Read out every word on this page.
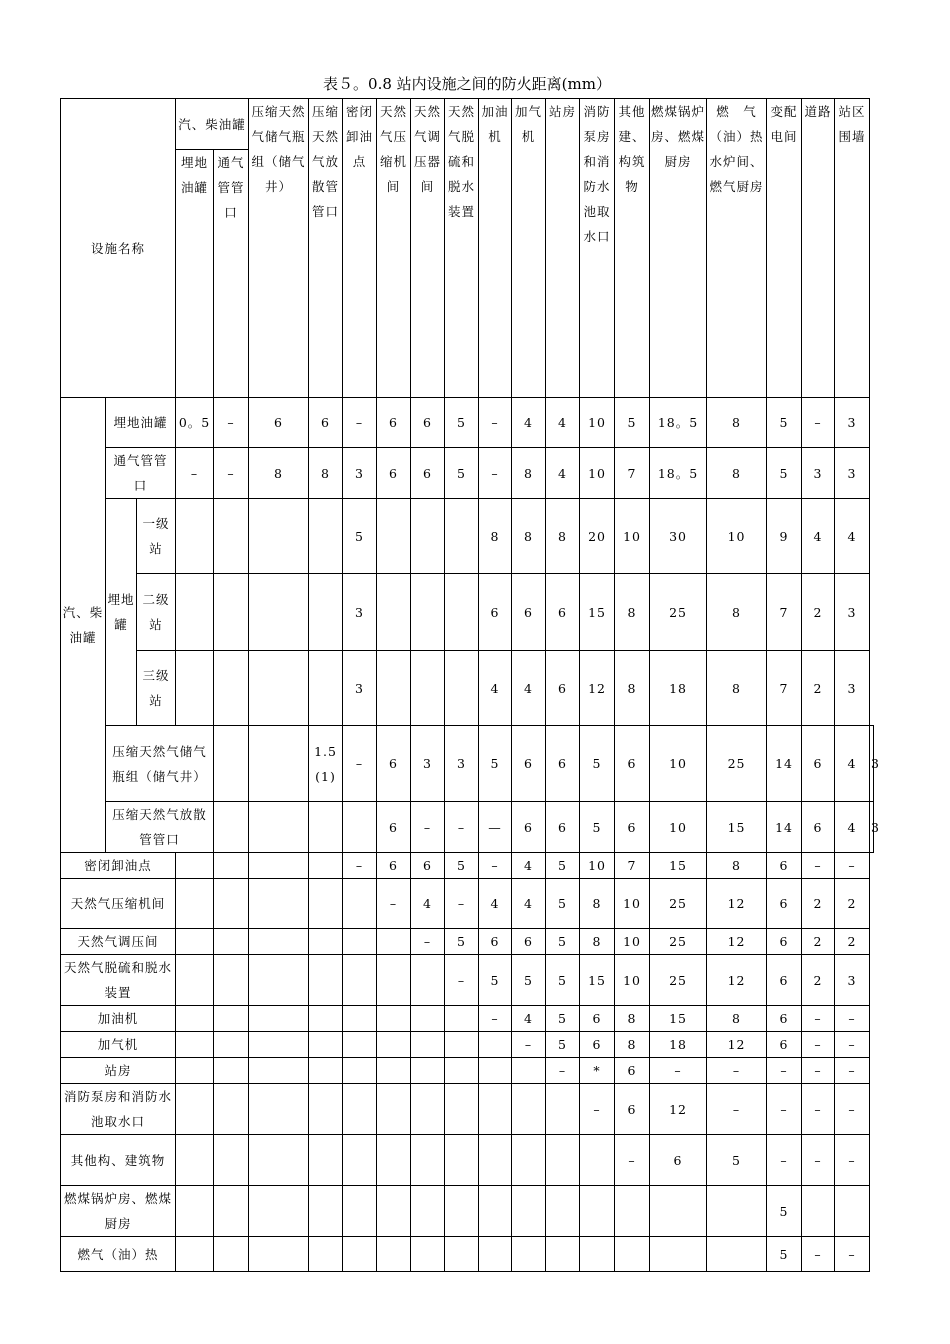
表５。0.8 站内设施之间的防火距离(mm）
设施名称			汽、柴油罐		压缩天然气储气瓶组（储气井）	压缩天然气放散管管口	密闭卸油点	天然气压缩机间	天然气调压器间	天然气脱硫和脱水装置	加油机	加气机	站房	消防泵房和消防水池取水口	其他建、构筑物	燃煤锅炉房、燃煤厨房	燃　气（油）热水炉间、燃气厨房	变配电间	道路	站区围墙	
			埋地油罐	通气管管口																	
汽、柴油罐	埋地油罐		0。5	–	6	6	–	6	6	5	–	4	4	10	5	18。5	8	5	–	3	
	通气管管口		–	–	8	8	3	6	6	5	–	8	4	10	7	18。5	8	5	3	3	
	埋地罐	一级站					5				8	8	8	20	10	30	10	9	4	4	
		二级站					3				6	6	6	15	8	25	8	7	2	3	
		三级站					3				4	4	6	12	8	18	8	7	2	3	
	压缩天然气储气瓶组（储气井）					1.5(1)	–	6	3	3	5	6	6	5	6	10	25	14	6	4	3
	压缩天然气放散管管口							6	–	–	—	6	6	5	6	10	15	14	6	4	3
密闭卸油点							–	6	6	5	–	4	5	10	7	15	8	6	–	–	
天然气压缩机间								–	4	–	4	4	5	8	10	25	12	6	2	2	
天然气调压间									–	5	6	6	5	8	10	25	12	6	2	2	
天然气脱硫和脱水装置										–	5	5	5	15	10	25	12	6	2	3	
加油机											–	4	5	6	8	15	8	6	–	–	
加气机												–	5	6	8	18	12	6	–	–	
站房													–	*	6	–	–	–	–	–	
消防泵房和消防水池取水口														–	6	12	–	–	–	–	
其他构、建筑物															–	6	5	–	–	–	
燃煤锅炉房、燃煤厨房																		5			
燃气（油）热																		5	–	–	
